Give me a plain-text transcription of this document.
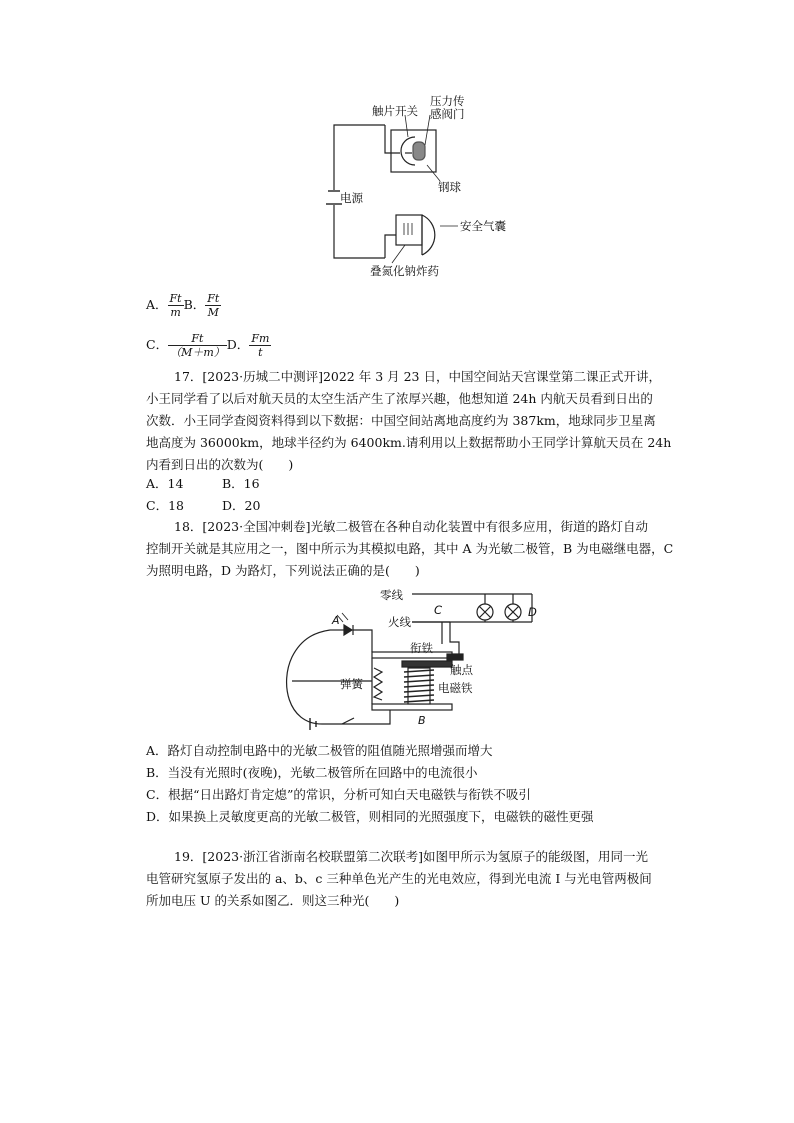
触片开关
压力传
感阀门
电源
钢球
安全气囊
叠氮化钠炸药
A． $\frac{Ft}{m}$ B． $\frac{Ft}{M}$
C． $\frac{Ft}{(M+m)}$ D． $\frac{Fm}{t}$

17．[2023·历城二中测评]2022 年 3 月 23 日，中国空间站天宫课堂第二课正式开讲，

小王同学看了以后对航天员的太空生活产生了浓厚兴趣，他想知道 24h 内航天员看到日出的

次数．小王同学查阅资料得到以下数据：中国空间站离地高度约为 387km，地球同步卫星离

地高度为 36000km，地球半径约为 6400km.请利用以上数据帮助小王同学计算航天员在 24h

内看到日出的次数为(　　)

A．14	B．16
C．18	D．20

18．[2023·全国冲刺卷]光敏二极管在各种自动化装置中有很多应用，街道的路灯自动

控制开关就是其应用之一，图中所示为其模拟电路，其中 A 为光敏二极管，B 为电磁继电器，C

为照明电路，D 为路灯，下列说法正确的是(　　)

零线
火线
C	D
A
衔铁
触点
弹簧	电磁铁
B

A．路灯自动控制电路中的光敏二极管的阻值随光照增强而增大

B．当没有光照时(夜晚)，光敏二极管所在回路中的电流很小

C．根据“日出路灯肯定熄”的常识，分析可知白天电磁铁与衔铁不吸引

D．如果换上灵敏度更高的光敏二极管，则相同的光照强度下，电磁铁的磁性更强

19．[2023·浙江省浙南名校联盟第二次联考]如图甲所示为氢原子的能级图，用同一光

电管研究氢原子发出的 a、b、c 三种单色光产生的光电效应，得到光电流 I 与光电管两极间

所加电压 U 的关系如图乙．则这三种光(　　)
